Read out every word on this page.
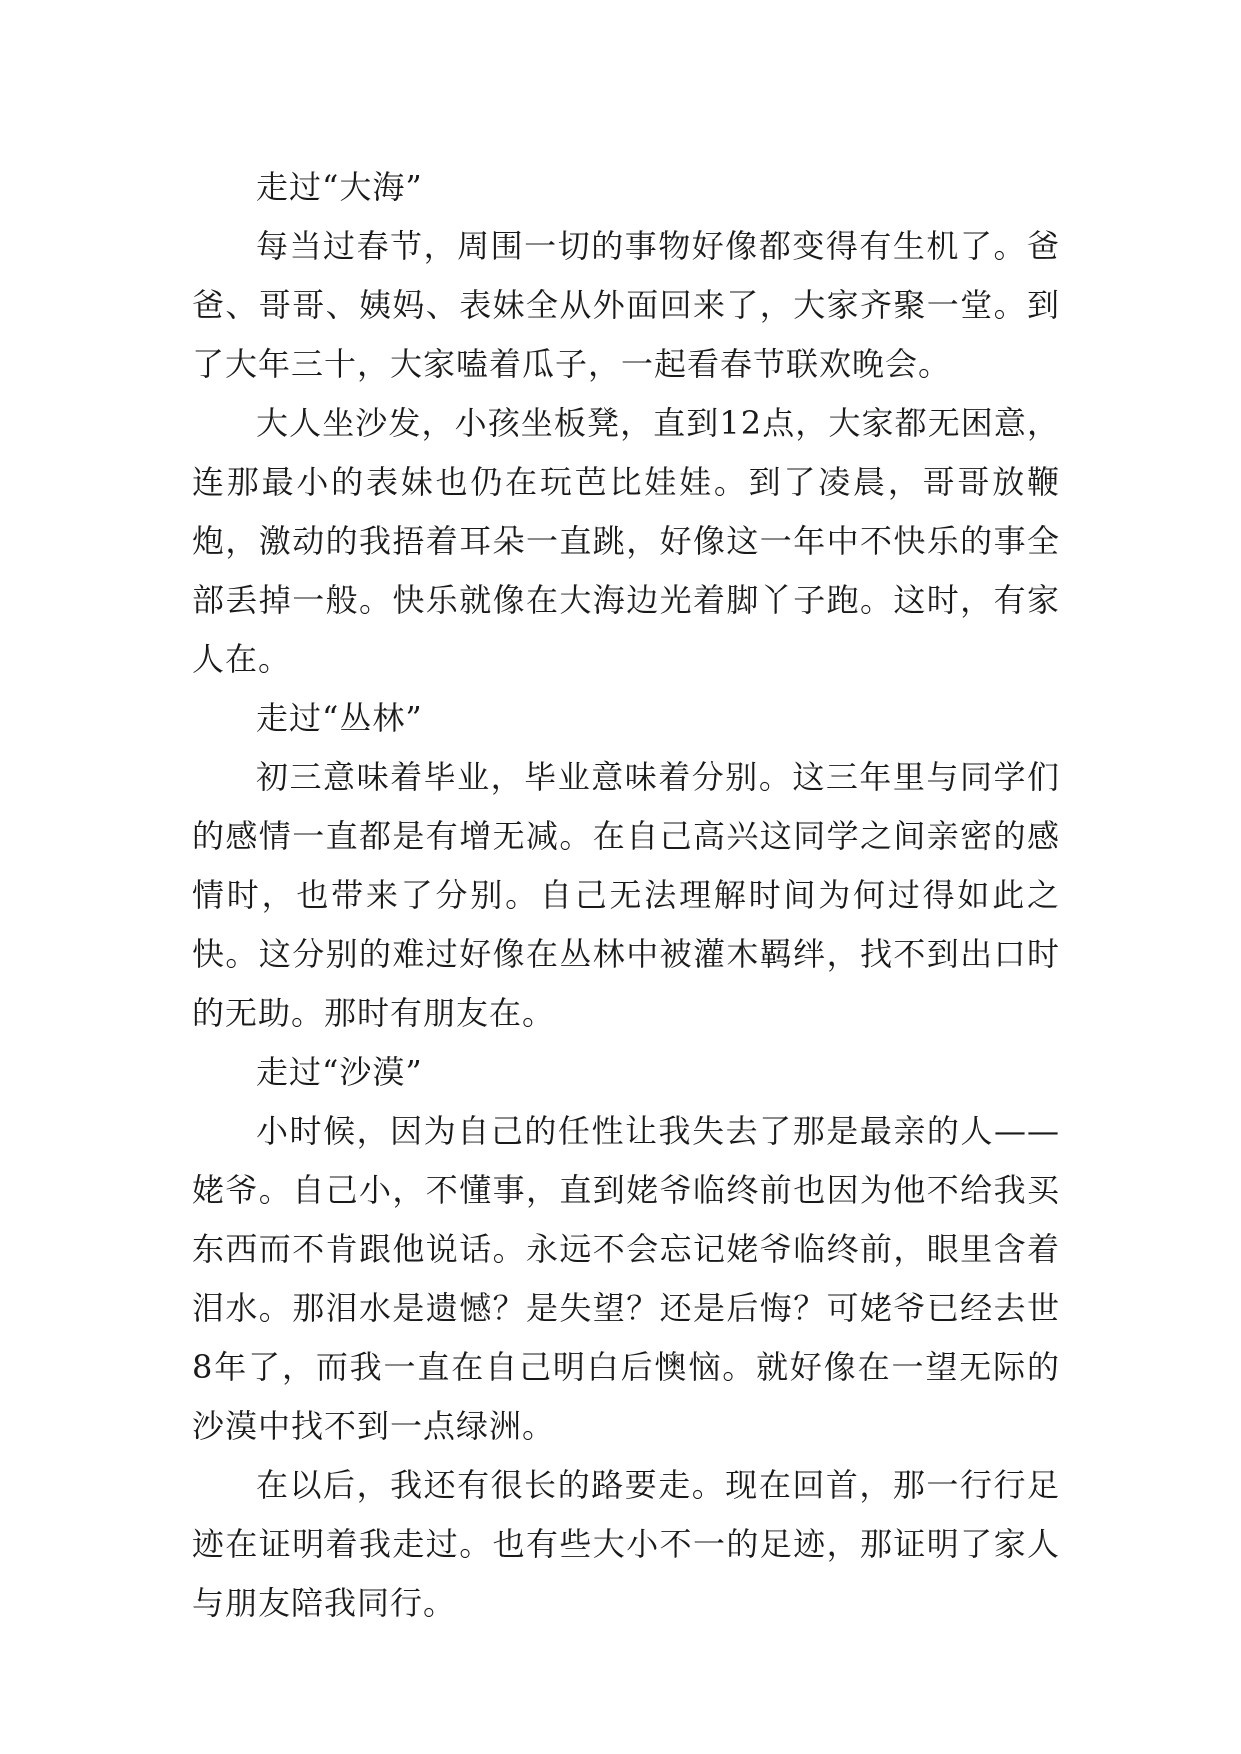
走过“大海”

每当过春节，周围一切的事物好像都变得有生机了。爸爸、哥哥、姨妈、表妹全从外面回来了，大家齐聚一堂。到了大年三十，大家嗑着瓜子，一起看春节联欢晚会。

大人坐沙发，小孩坐板凳，直到12点，大家都无困意，连那最小的表妹也仍在玩芭比娃娃。到了凌晨，哥哥放鞭炮，激动的我捂着耳朵一直跳，好像这一年中不快乐的事全部丢掉一般。快乐就像在大海边光着脚丫子跑。这时，有家人在。

走过“丛林”

初三意味着毕业，毕业意味着分别。这三年里与同学们的感情一直都是有增无减。在自己高兴这同学之间亲密的感情时，也带来了分别。自己无法理解时间为何过得如此之快。这分别的难过好像在丛林中被灌木羁绊，找不到出口时的无助。那时有朋友在。

走过“沙漠”

小时候，因为自己的任性让我失去了那是最亲的人——姥爷。自己小，不懂事，直到姥爷临终前也因为他不给我买东西而不肯跟他说话。永远不会忘记姥爷临终前，眼里含着泪水。那泪水是遗憾？是失望？还是后悔？可姥爷已经去世8年了，而我一直在自己明白后懊恼。就好像在一望无际的沙漠中找不到一点绿洲。

在以后，我还有很长的路要走。现在回首，那一行行足迹在证明着我走过。也有些大小不一的足迹，那证明了家人与朋友陪我同行。
